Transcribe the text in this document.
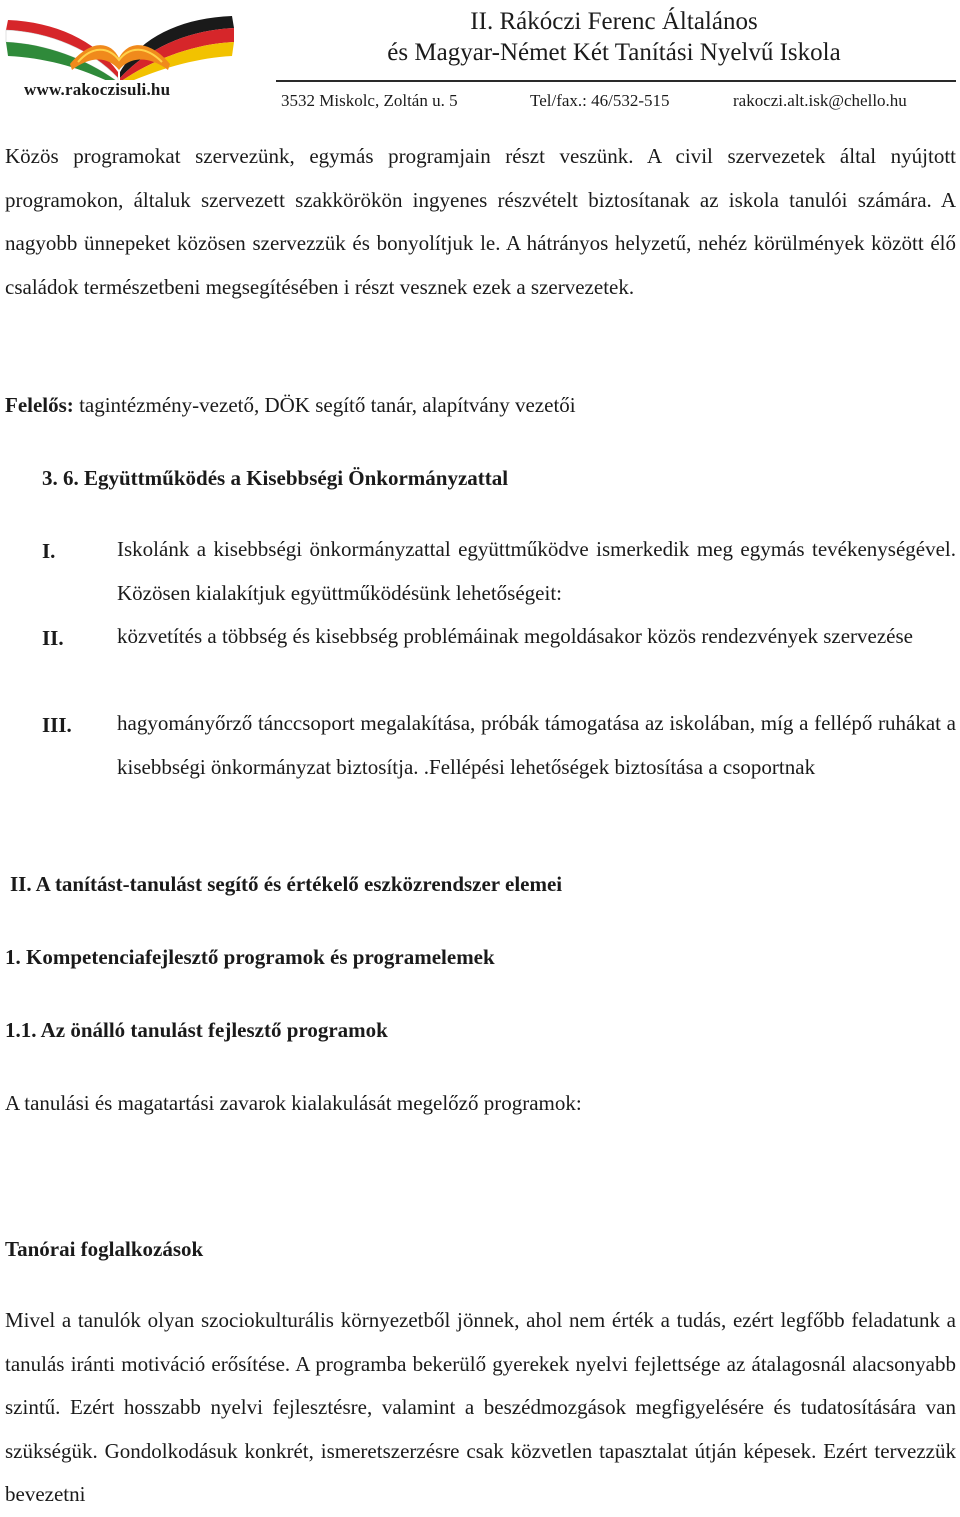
www.rakoczisuli.hu
II. Rákóczi Ferenc Általános
és Magyar-Német Két Tanítási Nyelvű Iskola
3532 Miskolc, Zoltán u. 5	Tel/fax.: 46/532-515	rakoczi.alt.isk@chello.hu

Közös programokat szervezünk, egymás programjain részt veszünk. A civil szervezetek által nyújtott programokon, általuk szervezett szakkörökön ingyenes részvételt biztosítanak az iskola tanulói számára. A nagyobb ünnepeket közösen szervezzük és bonyolítjuk le. A hátrányos helyzetű, nehéz körülmények között élő családok természetbeni megsegítésében i részt vesznek ezek a szervezetek.

Felelős: tagintézmény-vezető, DÖK segítő tanár, alapítvány vezetői

3. 6. Együttműködés a Kisebbségi Önkormányzattal

I.	Iskolánk a kisebbségi önkormányzattal együttműködve ismerkedik meg egymás tevékenységével. Közösen kialakítjuk együttműködésünk lehetőségeit:

II.	közvetítés a többség és kisebbség problémáinak megoldásakor közös rendezvények szervezése

III. hagyományőrző tánccsoport megalakítása, próbák támogatása az iskolában, míg a fellépő ruhákat a kisebbségi önkormányzat biztosítja. .Fellépési lehetőségek biztosítása a csoportnak

II. A tanítást-tanulást segítő és értékelő eszközrendszer elemei

1. Kompetenciafejlesztő programok és programelemek

1.1. Az önálló tanulást fejlesztő programok

A tanulási és magatartási zavarok kialakulását megelőző programok:

Tanórai foglalkozások

Mivel a tanulók olyan szociokulturális környezetből jönnek, ahol nem érték a tudás, ezért legfőbb feladatunk a tanulás iránti motiváció erősítése. A programba bekerülő gyerekek nyelvi fejlettsége az átalagosnál alacsonyabb szintű. Ezért hosszabb nyelvi fejlesztésre, valamint a beszédmozgások megfigyelésére és tudatosítására van szükségük. Gondolkodásuk konkrét, ismeretszerzésre csak közvetlen tapasztalat útján képesek. Ezért tervezzük bevezetni
